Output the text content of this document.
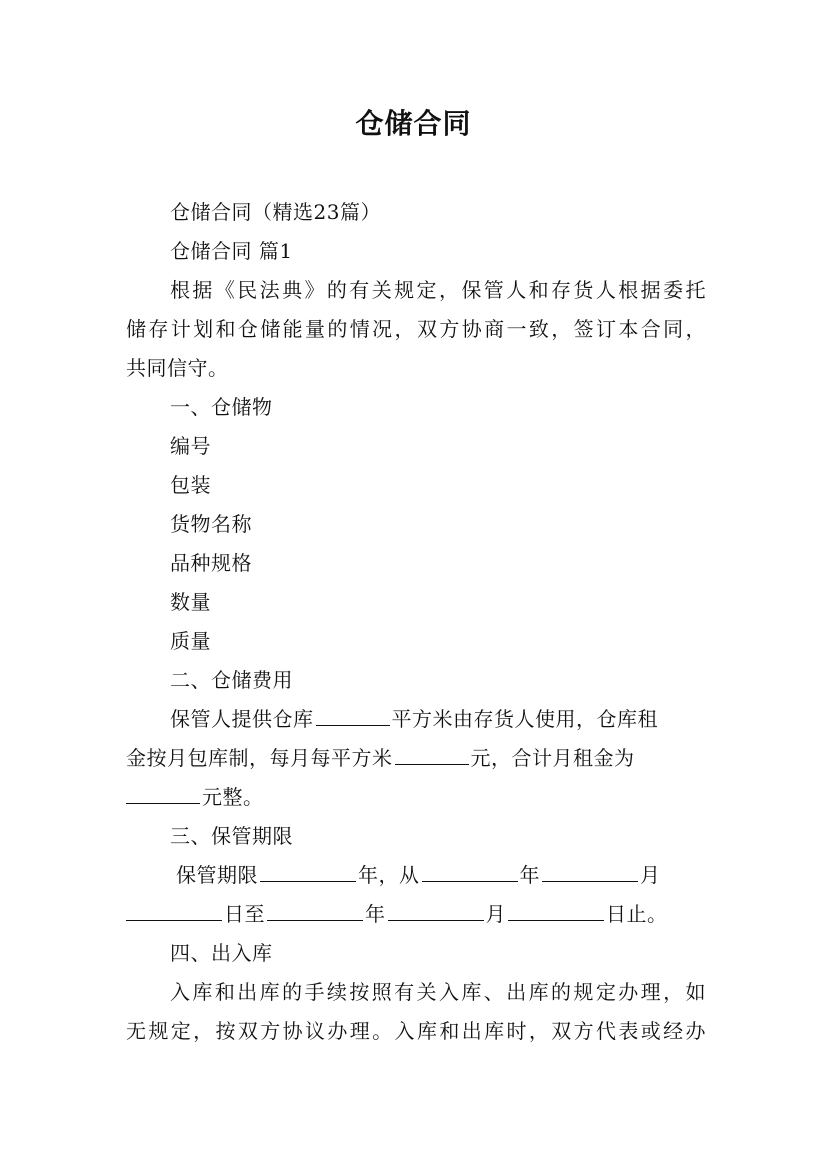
仓储合同
仓储合同（精选23篇）
仓储合同 篇1
根据《民法典》的有关规定，保管人和存货人根据委托
储存计划和仓储能量的情况，双方协商一致，签订本合同，
共同信守。
一、仓储物
编号
包装
货物名称
品种规格
数量
质量
二、仓储费用
保管人提供仓库	平方米由存货人使用，仓库租
金按月包库制，每月每平方米	元，合计月租金为
元整。
三、保管期限
保管期限	年，从	年	月
日至	年	月	日止。
四、出入库
入库和出库的手续按照有关入库、出库的规定办理，如
无规定，按双方协议办理。入库和出库时，双方代表或经办
